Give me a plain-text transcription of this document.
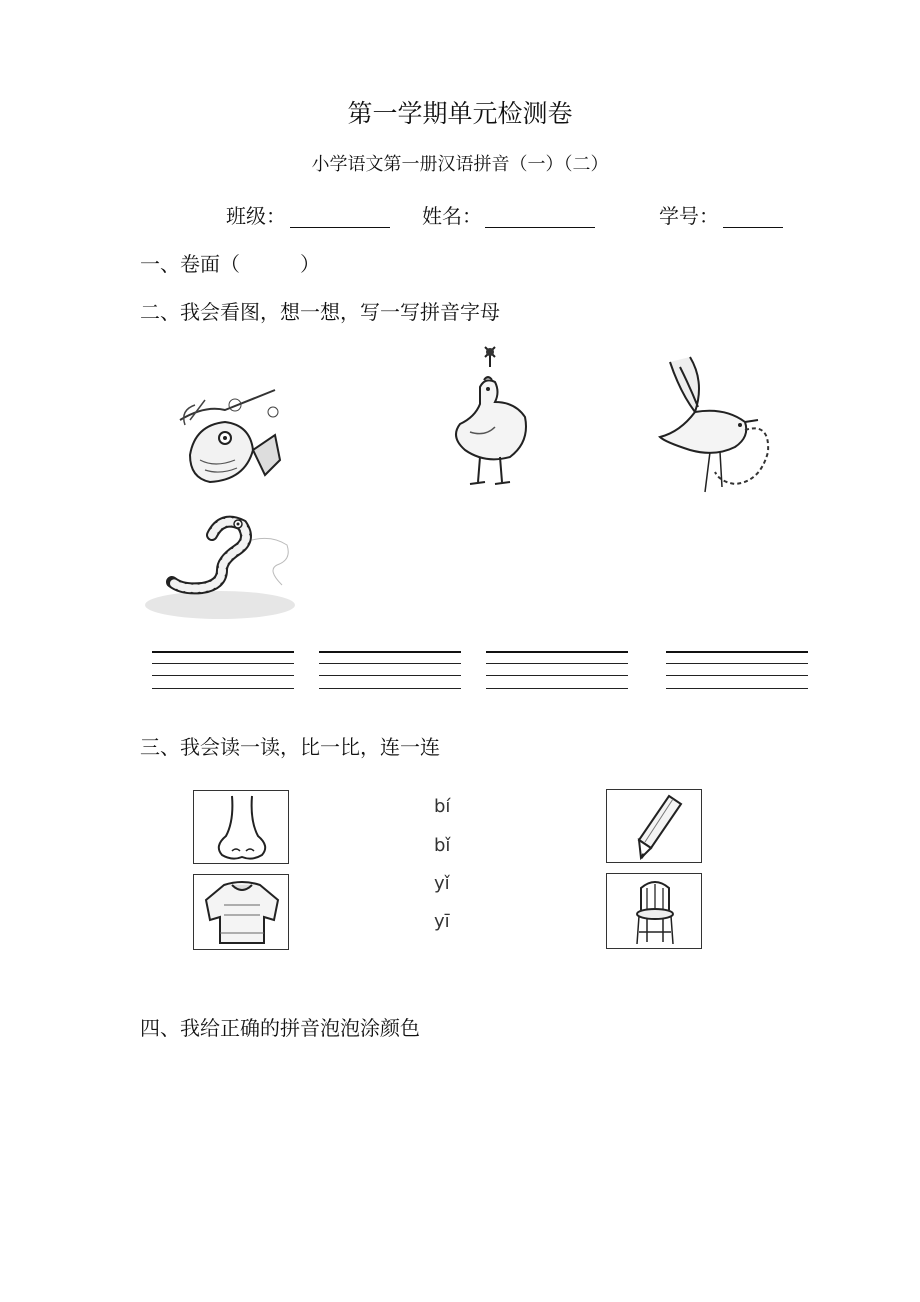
第一学期单元检测卷
小学语文第一册汉语拼音（一）（二）
班级：	姓名：	学号：
一、卷面（　　　）
二、我会看图，想一想，写一写拼音字母
三、我会读一读，比一比，连一连
bí
bǐ
yǐ
yī
四、我给正确的拼音泡泡涂颜色
